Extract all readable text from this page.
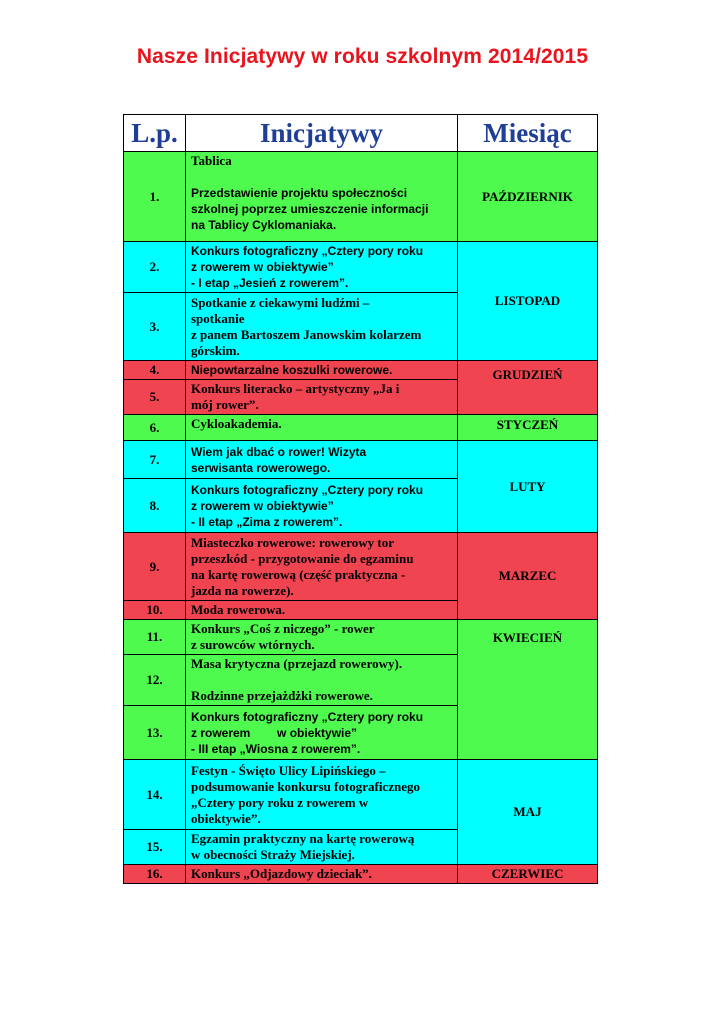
Nasze Inicjatywy w roku szkolnym 2014/2015
L.p.	Inicjatywy	Miesiąc
1.	Tablica
Przedstawienie projektu społeczności
szkolnej poprzez umieszczenie informacji
na Tablicy Cyklomaniaka.	PAŹDZIERNIK
2.	Konkurs fotograficzny „Cztery pory roku
z rowerem w obiektywie”
- I etap „Jesień z rowerem”.	LISTOPAD
3.	Spotkanie z ciekawymi ludźmi –
spotkanie
z panem Bartoszem Janowskim kolarzem
górskim.	

4.	Niepowtarzalne koszulki rowerowe.	GRUDZIEŃ
5.	Konkurs literacko – artystyczny „Ja i
mój rower”.	

6.	Cykloakademia.	STYCZEŃ
7.	Wiem jak dbać o rower! Wizyta
serwisanta rowerowego.	LUTY
8.	Konkurs fotograficzny „Cztery pory roku
z rowerem w obiektywie”
- II etap „Zima z rowerem”.	

9.	Miasteczko rowerowe: rowerowy tor
przeszkód - przygotowanie do egzaminu
na kartę rowerową (część praktyczna -
jazda na rowerze).	MARZEC
10.	Moda rowerowa.	

11.	Konkurs „Coś z niczego” - rower
z surowców wtórnych.	KWIECIEŃ
12.	Masa krytyczna (przejazd rowerowy).
Rodzinne przejażdżki rowerowe.	

13.	Konkurs fotograficzny „Cztery pory roku
z rowerem        w obiektywie”
- III etap „Wiosna z rowerem”.	

14.	Festyn - Święto Ulicy Lipińskiego –
podsumowanie konkursu fotograficznego
„Cztery pory roku z rowerem w
obiektywie”.	MAJ
15.	Egzamin praktyczny na kartę rowerową
w obecności Straży Miejskiej.	

16.	Konkurs „Odjazdowy dzieciak”.	CZERWIEC
